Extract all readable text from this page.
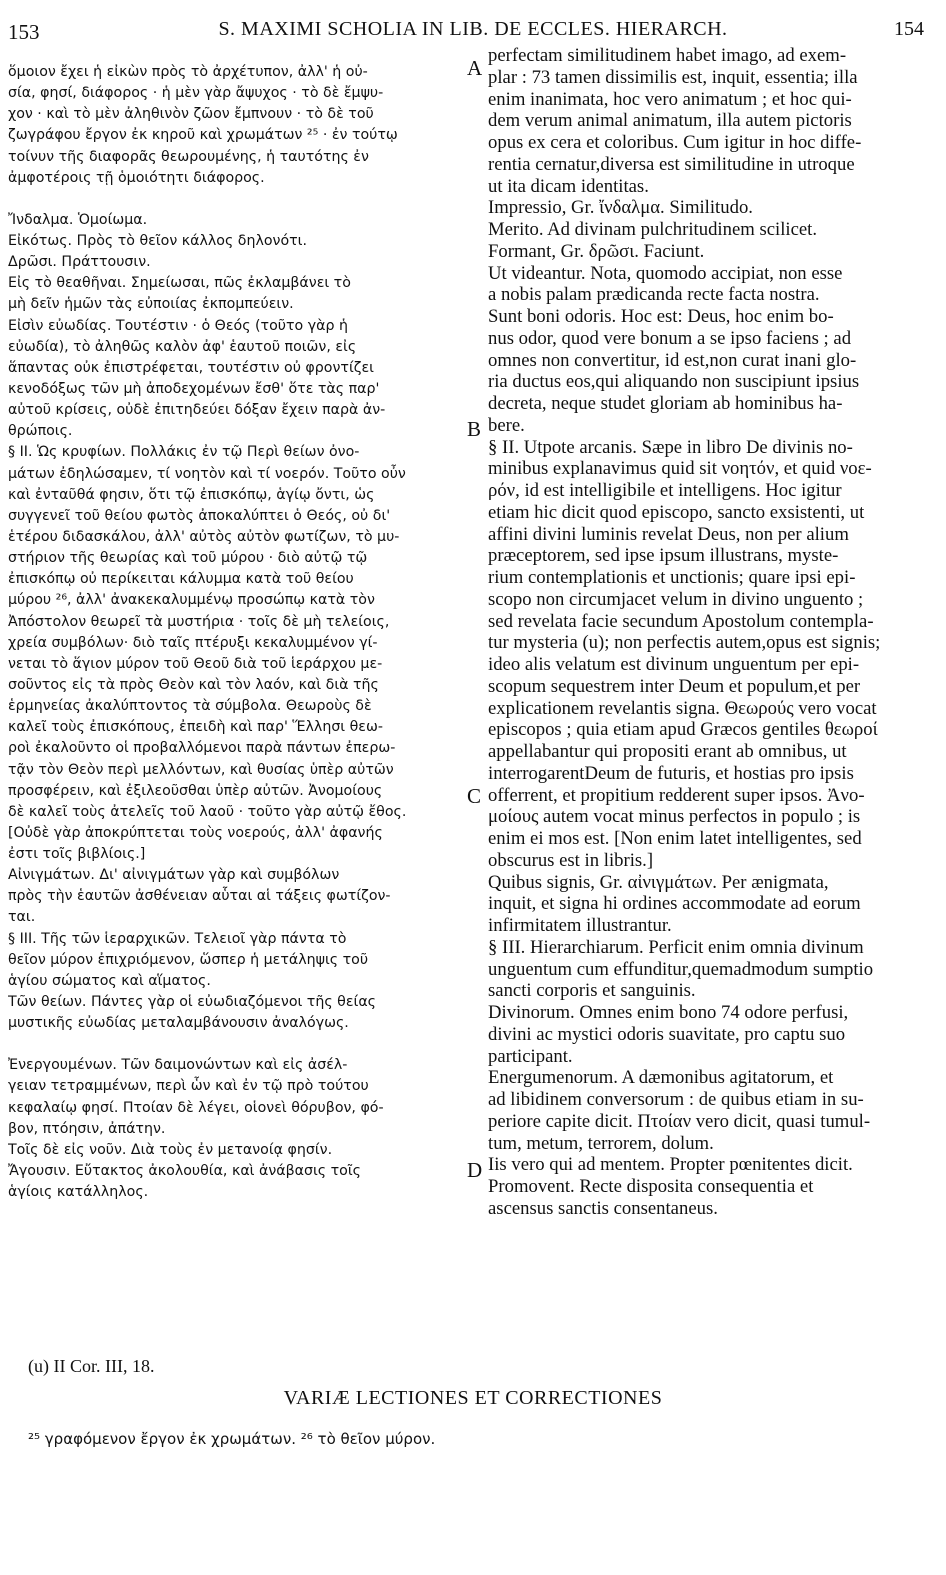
153	S. MAXIMI SCHOLIA IN LIB. DE ECCLES. HIERARCH.	154
ὅμοιον ἔχει ἡ εἰκὼν πρὸς τὸ ἀρχέτυπον, ἀλλ' ἡ οὐ-
σία, φησί, διάφορος · ἡ μὲν γὰρ ἄψυχος · τὸ δὲ ἔμψυ-
χον · καὶ τὸ μὲν ἀληθινὸν ζῶον ἔμπνουν · τὸ δὲ τοῦ
ζωγράφου ἔργον ἐκ κηροῦ καὶ χρωμάτων ²⁵ · ἐν τούτῳ
τοίνυν τῆς διαφορᾶς θεωρουμένης, ἡ ταυτότης ἐν
ἀμφοτέροις τῇ ὁμοιότητι διάφορος.
Ἴνδαλμα. Ὁμοίωμα.
Εἰκότως. Πρὸς τὸ θεῖον κάλλος δηλονότι.
Δρῶσι. Πράττουσιν.
Εἰς τὸ θεαθῆναι. Σημείωσαι, πῶς ἐκλαμβάνει τὸ
μὴ δεῖν ἡμῶν τὰς εὐποιίας ἐκπομπεύειν.
Εἰσὶν εὐωδίας. Τουτέστιν · ὁ Θεός (τοῦτο γὰρ ἡ
εὐωδία), τὸ ἀληθῶς καλὸν ἀφ' ἑαυτοῦ ποιῶν, εἰς
ἅπαντας οὐκ ἐπιστρέφεται, τουτέστιν οὐ φροντίζει
κενοδόξως τῶν μὴ ἀποδεχομένων ἔσθ' ὅτε τὰς παρ'
αὐτοῦ κρίσεις, οὐδὲ ἐπιτηδεύει δόξαν ἔχειν παρὰ ἀν-
θρώποις.
§ II. Ὡς κρυφίων. Πολλάκις ἐν τῷ Περὶ θείων ὀνο-
μάτων ἐδηλώσαμεν, τί νοητὸν καὶ τί νοερόν. Τοῦτο οὖν
καὶ ἐνταῦθά φησιν, ὅτι τῷ ἐπισκόπῳ, ἁγίῳ ὄντι, ὡς
συγγενεῖ τοῦ θείου φωτὸς ἀποκαλύπτει ὁ Θεός, οὐ δι'
ἑτέρου διδασκάλου, ἀλλ' αὐτὸς αὐτὸν φωτίζων, τὸ μυ-
στήριον τῆς θεωρίας καὶ τοῦ μύρου · διὸ αὐτῷ τῷ
ἐπισκόπῳ οὐ περίκειται κάλυμμα κατὰ τοῦ θείου
μύρου ²⁶, ἀλλ' ἀνακεκαλυμμένῳ προσώπῳ κατὰ τὸν
Ἀπόστολον θεωρεῖ τὰ μυστήρια · τοῖς δὲ μὴ τελείοις,
χρεία συμβόλων· διὸ ταῖς πτέρυξι κεκαλυμμένον γί-
νεται τὸ ἅγιον μύρον τοῦ Θεοῦ διὰ τοῦ ἱεράρχου με-
σοῦντος εἰς τὰ πρὸς Θεὸν καὶ τὸν λαόν, καὶ διὰ τῆς
ἑρμηνείας ἀκαλύπτοντος τὰ σύμβολα. Θεωροὺς δὲ
καλεῖ τοὺς ἐπισκόπους, ἐπειδὴ καὶ παρ' Ἕλλησι θεω-
ροὶ ἐκαλοῦντο οἱ προβαλλόμενοι παρὰ πάντων ἐπερω-
τᾷν τὸν Θεὸν περὶ μελλόντων, καὶ θυσίας ὑπὲρ αὐτῶν
προσφέρειν, καὶ ἐξιλεοῦσθαι ὑπὲρ αὐτῶν. Ἀνομοίους
δὲ καλεῖ τοὺς ἀτελεῖς τοῦ λαοῦ · τοῦτο γὰρ αὐτῷ ἔθος.
[Οὐδὲ γὰρ ἀποκρύπτεται τοὺς νοερούς, ἀλλ' ἀφανής
ἐστι τοῖς βιβλίοις.]
Αἰνιγμάτων. Δι' αἰνιγμάτων γὰρ καὶ συμβόλων
πρὸς τὴν ἑαυτῶν ἀσθένειαν αὗται αἱ τάξεις φωτίζον-
ται.
§ III. Τῆς τῶν ἱεραρχικῶν. Τελειοῖ γὰρ πάντα τὸ
θεῖον μύρον ἐπιχριόμενον, ὥσπερ ἡ μετάληψις τοῦ
ἁγίου σώματος καὶ αἵματος.
Τῶν θείων. Πάντες γὰρ οἱ εὐωδιαζόμενοι τῆς θείας
μυστικῆς εὐωδίας μεταλαμβάνουσιν ἀναλόγως.
Ἐνεργουμένων. Τῶν δαιμονώντων καὶ εἰς ἀσέλ-
γειαν τετραμμένων, περὶ ὧν καὶ ἐν τῷ πρὸ τούτου
κεφαλαίῳ φησί. Πτοίαν δὲ λέγει, οἱονεὶ θόρυβον, φό-
βον, πτόησιν, ἀπάτην.
Τοῖς δὲ εἰς νοῦν. Διὰ τοὺς ἐν μετανοίᾳ φησίν.
Ἄγουσιν. Εὔτακτος ἀκολουθία, καὶ ἀνάβασις τοῖς
ἁγίοις κατάλληλος.
perfectam similitudinem habet imago, ad exem-
plar : 73 tamen dissimilis est, inquit, essentia; illa
enim inanimata, hoc vero animatum ; et hoc qui-
dem verum animal animatum, illa autem pictoris
opus ex cera et coloribus. Cum igitur in hoc diffe-
rentia cernatur,diversa est similitudine in utroque
ut ita dicam identitas.
Impressio, Gr. ἴνδαλμα. Similitudo.
Merito. Ad divinam pulchritudinem scilicet.
Formant, Gr. δρῶσι. Faciunt.
Ut videantur. Nota, quomodo accipiat, non esse
a nobis palam prædicanda recte facta nostra.
Sunt boni odoris. Hoc est: Deus, hoc enim bo-
nus odor, quod vere bonum a se ipso faciens ; ad
omnes non convertitur, id est,non curat inani glo-
ria ductus eos,qui aliquando non suscipiunt ipsius
decreta, neque studet gloriam ab hominibus ha-
bere.
§ II. Utpote arcanis. Sæpe in libro De divinis no-
minibus explanavimus quid sit νοητόν, et quid νοε-
ρόν, id est intelligibile et intelligens. Hoc igitur
etiam hic dicit quod episcopo, sancto exsistenti, ut
affini divini luminis revelat Deus, non per alium
præceptorem, sed ipse ipsum illustrans, myste-
rium contemplationis et unctionis; quare ipsi epi-
scopo non circumjacet velum in divino unguento ;
sed revelata facie secundum Apostolum contempla-
tur mysteria (u); non perfectis autem,opus est signis;
ideo alis velatum est divinum unguentum per epi-
scopum sequestrem inter Deum et populum,et per
explicationem revelantis signa. Θεωρούς vero vocat
episcopos ; quia etiam apud Græcos gentiles θεωροί
appellabantur qui propositi erant ab omnibus, ut
interrogarentDeum de futuris, et hostias pro ipsis
offerrent, et propitium redderent super ipsos. Ἀνο-
μοίους autem vocat minus perfectos in populo ; is
enim ei mos est. [Non enim latet intelligentes, sed
obscurus est in libris.]
Quibus signis, Gr. αἰνιγμάτων. Per ænigmata,
inquit, et signa hi ordines accommodate ad eorum
infirmitatem illustrantur.
§ III. Hierarchiarum. Perficit enim omnia divinum
unguentum cum effunditur,quemadmodum sumptio
sancti corporis et sanguinis.
Divinorum. Omnes enim bono 74 odore perfusi,
divini ac mystici odoris suavitate, pro captu suo
participant.
Energumenorum. A dæmonibus agitatorum, et
ad libidinem conversorum : de quibus etiam in su-
periore capite dicit. Πτοίαν vero dicit, quasi tumul-
tum, metum, terrorem, dolum.
Iis vero qui ad mentem. Propter pœnitentes dicit.
Promovent. Recte disposita consequentia et
ascensus sanctis consentaneus.
A
B
C
D
(u) II Cor. III, 18.
VARIÆ LECTIONES ET CORRECTIONES
²⁵ γραφόμενον ἔργον ἐκ χρωμάτων. ²⁶ τὸ θεῖον μύρον.
